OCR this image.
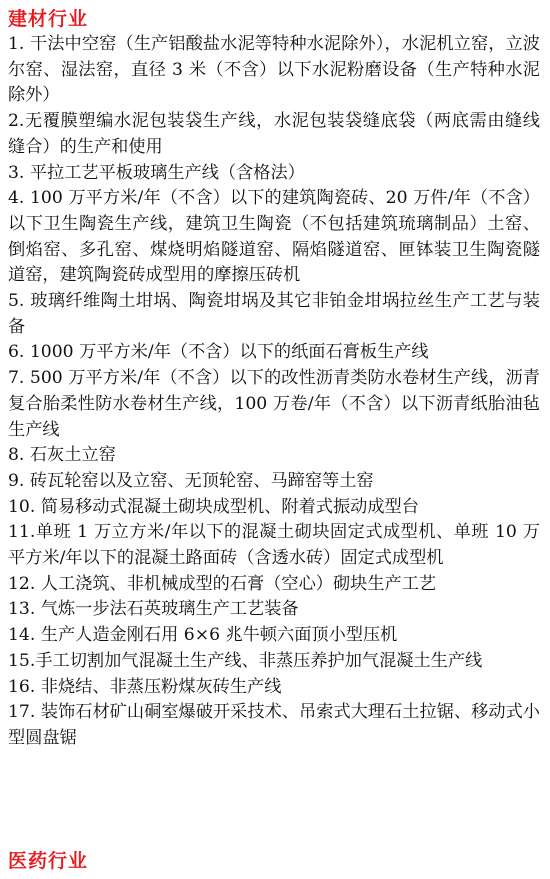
建材行业
1. 干法中空窑（生产铝酸盐水泥等特种水泥除外），水泥机立窑，立波尔窑、湿法窑，直径 3 米（不含）以下水泥粉磨设备（生产特种水泥除外）
2.无覆膜塑编水泥包装袋生产线，水泥包装袋缝底袋（两底需由缝线缝合）的生产和使用
3. 平拉工艺平板玻璃生产线（含格法）
4. 100 万平方米/年（不含）以下的建筑陶瓷砖、20 万件/年（不含）以下卫生陶瓷生产线，建筑卫生陶瓷（不包括建筑琉璃制品）土窑、倒焰窑、多孔窑、煤烧明焰隧道窑、隔焰隧道窑、匣钵装卫生陶瓷隧道窑，建筑陶瓷砖成型用的摩擦压砖机
5. 玻璃纤维陶土坩埚、陶瓷坩埚及其它非铂金坩埚拉丝生产工艺与装备
6. 1000 万平方米/年（不含）以下的纸面石膏板生产线
7. 500 万平方米/年（不含）以下的改性沥青类防水卷材生产线，沥青复合胎柔性防水卷材生产线，100 万卷/年（不含）以下沥青纸胎油毡生产线
8. 石灰土立窑
9. 砖瓦轮窑以及立窑、无顶轮窑、马蹄窑等土窑
10. 简易移动式混凝土砌块成型机、附着式振动成型台
11.单班 1 万立方米/年以下的混凝土砌块固定式成型机、单班 10 万平方米/年以下的混凝土路面砖（含透水砖）固定式成型机
12. 人工浇筑、非机械成型的石膏（空心）砌块生产工艺
13. 气炼一步法石英玻璃生产工艺装备
14. 生产人造金刚石用 6×6 兆牛顿六面顶小型压机
15.手工切割加气混凝土生产线、非蒸压养护加气混凝土生产线
16. 非烧结、非蒸压粉煤灰砖生产线
17. 装饰石材矿山硐室爆破开采技术、吊索式大理石土拉锯、移动式小型圆盘锯
医药行业
